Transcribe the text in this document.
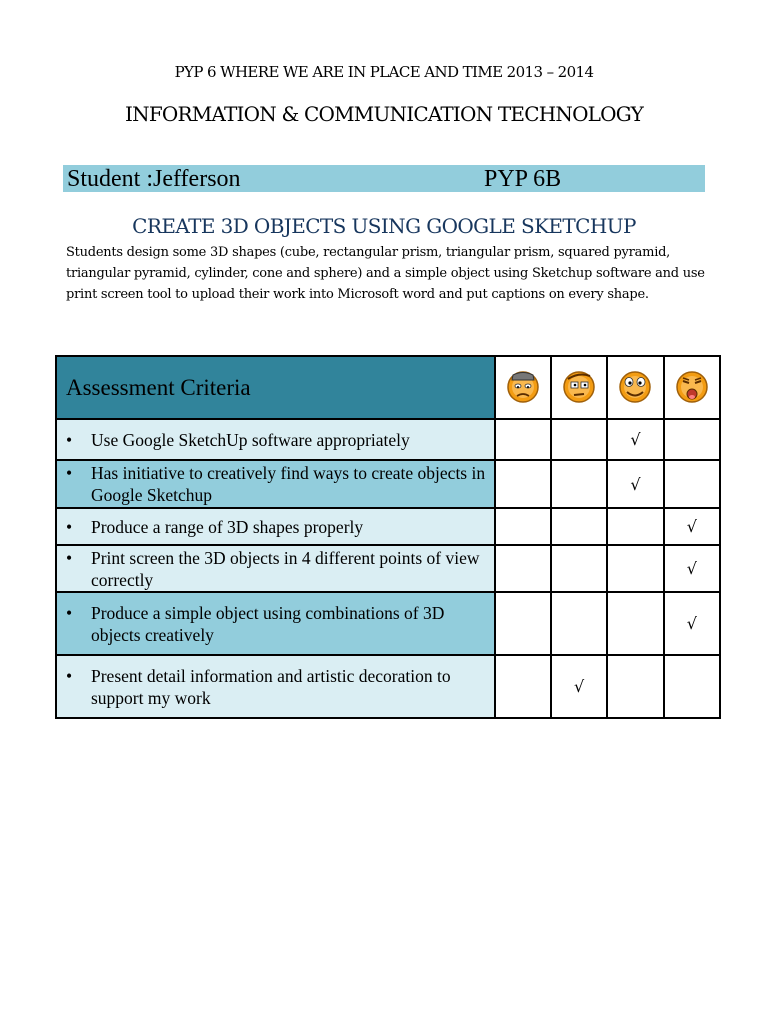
PYP 6 WHERE WE ARE IN PLACE AND TIME 2013 – 2014
INFORMATION & COMMUNICATION TECHNOLOGY
Student :Jefferson	PYP 6B
CREATE 3D OBJECTS USING GOOGLE SKETCHUP
Students design some 3D shapes (cube, rectangular prism, triangular prism, squared pyramid, triangular pyramid, cylinder, cone and sphere) and a simple object using Sketchup software and use print screen tool to upload their work into Microsoft word and put captions on every shape.
Assessment Criteria				

• Use Google SketchUp software appropriately			√	

• Has initiative to creatively find ways to create objects in Google Sketchup			√	

• Produce a range of 3D shapes properly				√

• Print screen the 3D objects in 4 different points of view correctly				√

• Produce a simple object using combinations of 3D objects creatively				√

• Present detail information and artistic decoration to support my work		√		
